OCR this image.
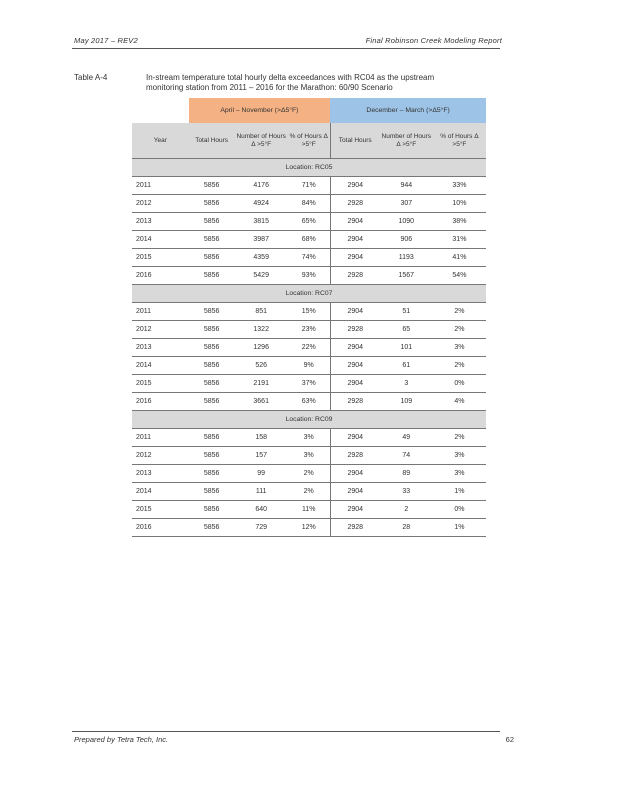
May 2017 – REV2	Final Robinson Creek Modeling Report
Table A-4	In-stream temperature total hourly delta exceedances with RC04 as the upstream monitoring station from 2011 – 2016 for the Marathon: 60/90 Scenario
	April – November (>Δ5°F)			December – March (>Δ5°F)		
Year	Total Hours	Number of Hours Δ >5°F	% of Hours Δ >5°F	Total Hours	Number of Hours Δ >5°F	% of Hours Δ >5°F
Location: RC05						
2011	5856	4176	71%	2904	944	33%
2012	5856	4924	84%	2928	307	10%
2013	5856	3815	65%	2904	1090	38%
2014	5856	3987	68%	2904	906	31%
2015	5856	4359	74%	2904	1193	41%
2016	5856	5429	93%	2928	1567	54%
Location: RC07						
2011	5856	851	15%	2904	51	2%
2012	5856	1322	23%	2928	65	2%
2013	5856	1296	22%	2904	101	3%
2014	5856	526	9%	2904	61	2%
2015	5856	2191	37%	2904	3	0%
2016	5856	3661	63%	2928	109	4%
Location: RC09						
2011	5856	158	3%	2904	49	2%
2012	5856	157	3%	2928	74	3%
2013	5856	99	2%	2904	89	3%
2014	5856	111	2%	2904	33	1%
2015	5856	640	11%	2904	2	0%
2016	5856	729	12%	2928	28	1%
Prepared by Tetra Tech, Inc.	62
